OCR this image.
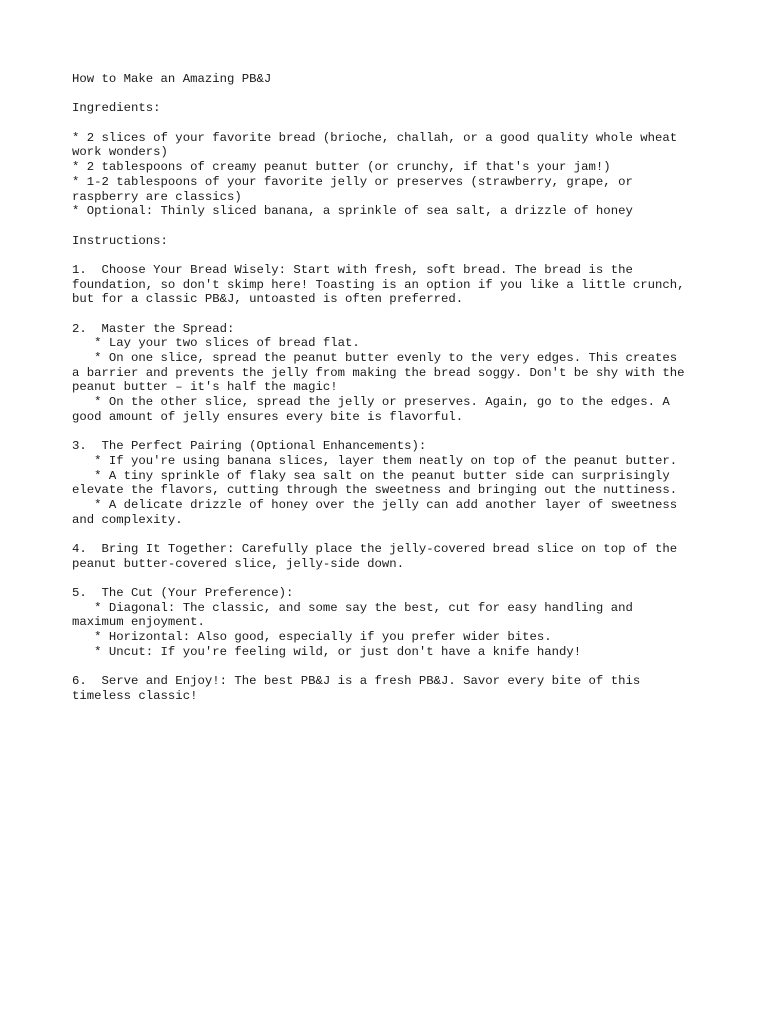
How to Make an Amazing PB&J
Ingredients:
* 2 slices of your favorite bread (brioche, challah, or a good quality whole wheat
work wonders)
* 2 tablespoons of creamy peanut butter (or crunchy, if that's your jam!)
* 1-2 tablespoons of your favorite jelly or preserves (strawberry, grape, or
raspberry are classics)
* Optional: Thinly sliced banana, a sprinkle of sea salt, a drizzle of honey
Instructions:
1.  Choose Your Bread Wisely: Start with fresh, soft bread. The bread is the
foundation, so don't skimp here! Toasting is an option if you like a little crunch,
but for a classic PB&J, untoasted is often preferred.
2.  Master the Spread:
* Lay your two slices of bread flat.
* On one slice, spread the peanut butter evenly to the very edges. This creates
a barrier and prevents the jelly from making the bread soggy. Don't be shy with the
peanut butter – it's half the magic!
* On the other slice, spread the jelly or preserves. Again, go to the edges. A
good amount of jelly ensures every bite is flavorful.
3.  The Perfect Pairing (Optional Enhancements):
* If you're using banana slices, layer them neatly on top of the peanut butter.
* A tiny sprinkle of flaky sea salt on the peanut butter side can surprisingly
elevate the flavors, cutting through the sweetness and bringing out the nuttiness.
* A delicate drizzle of honey over the jelly can add another layer of sweetness
and complexity.
4.  Bring It Together: Carefully place the jelly-covered bread slice on top of the
peanut butter-covered slice, jelly-side down.
5.  The Cut (Your Preference):
* Diagonal: The classic, and some say the best, cut for easy handling and
maximum enjoyment.
* Horizontal: Also good, especially if you prefer wider bites.
* Uncut: If you're feeling wild, or just don't have a knife handy!
6.  Serve and Enjoy!: The best PB&J is a fresh PB&J. Savor every bite of this
timeless classic!
